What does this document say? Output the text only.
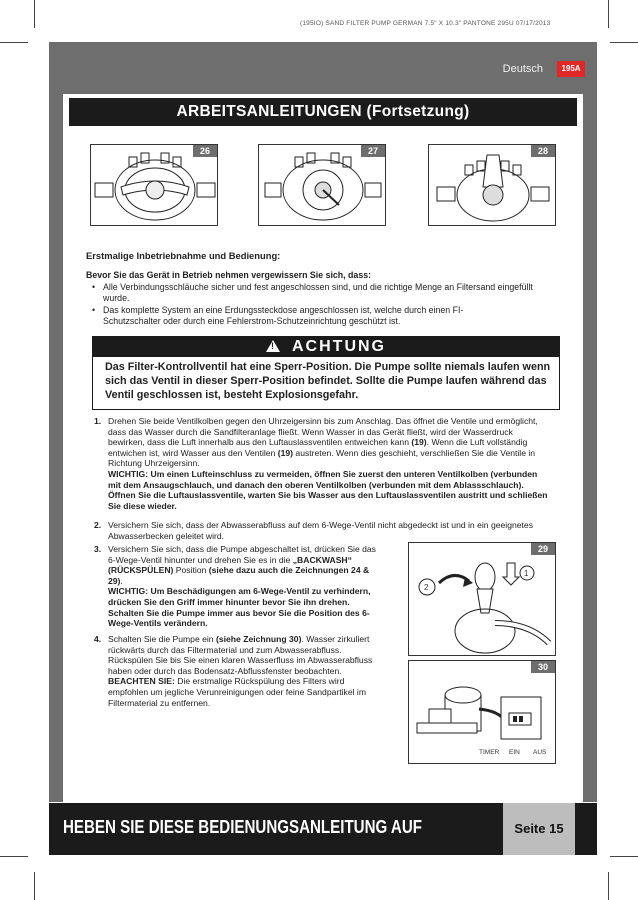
(195IO) SAND FILTER PUMP GERMAN 7.5" X 10.3" PANTONE 295U 07/17/2013
Deutsch	195A
ARBEITSANLEITUNGEN (Fortsetzung)
26	27	28
Erstmalige Inbetriebnahme und Bedienung:
Bevor Sie das Gerät in Betrieb nehmen vergewissern Sie sich, dass:
• Alle Verbindungsschläuche sicher und fest angeschlossen sind, und die richtige Menge an Filtersand eingefüllt wurde.
• Das komplette System an eine Erdungssteckdose angeschlossen ist, welche durch einen FI-Schutzschalter oder durch eine Fehlerstrom-Schutzeinrichtung geschützt ist.
! ACHTUNG
Das Filter-Kontrollventil hat eine Sperr-Position. Die Pumpe sollte niemals laufen wenn sich das Ventil in dieser Sperr-Position befindet. Sollte die Pumpe laufen während das Ventil geschlossen ist, besteht Explosionsgefahr.
1. Drehen Sie beide Ventilkolben gegen den Uhrzeigersinn bis zum Anschlag. Das öffnet die Ventile und ermöglicht, dass das Wasser durch die Sandfilteranlage fließt. Wenn Wasser in das Gerät fließt, wird der Wasserdruck bewirken, dass die Luft innerhalb aus den Luftauslassventilen entweichen kann (19). Wenn die Luft vollständig entwichen ist, wird Wasser aus den Ventilen (19) austreten. Wenn dies geschieht, verschließen Sie die Ventile in Richtung Uhrzeigersinn.
WICHTIG: Um einen Lufteinschluss zu vermeiden, öffnen Sie zuerst den unteren Ventilkolben (verbunden mit dem Ansaugschlauch, und danach den oberen Ventilkolben (verbunden mit dem Ablassschlauch). Öffnen Sie die Luftauslassventile, warten Sie bis Wasser aus den Luftauslassventilen austritt und schließen Sie diese wieder.
2. Versichern Sie sich, dass der Abwasserabfluss auf dem 6-Wege-Ventil nicht abgedeckt ist und in ein geeignetes Abwasserbecken geleitet wird.
3. Versichern Sie sich, dass die Pumpe abgeschaltet ist, drücken Sie das 6-Wege-Ventil hinunter und drehen Sie es in die „BACKWASH“ (RÜCKSPÜLEN) Position (siehe dazu auch die Zeichnungen 24 & 29).
WICHTIG: Um Beschädigungen am 6-Wege-Ventil zu verhindern, drücken Sie den Griff immer hinunter bevor Sie ihn drehen. Schalten Sie die Pumpe immer aus bevor Sie die Position des 6-Wege-Ventils verändern.
4. Schalten Sie die Pumpe ein (siehe Zeichnung 30). Wasser zirkuliert rückwärts durch das Filtermaterial und zum Abwasserabfluss. Rückspülen Sie bis Sie einen klaren Wasserfluss im Abwasserabfluss haben oder durch das Bodensatz-Abflussfenster beobachten.
BEACHTEN SIE: Die erstmalige Rückspülung des Filters wird empfohlen um jegliche Verunreinigungen oder feine Sandpartikel im Filtermaterial zu entfernen.
2
1
29
TIMER EIN AUS
30
HEBEN SIE DIESE BEDIENUNGSANLEITUNG AUF	Seite 15
